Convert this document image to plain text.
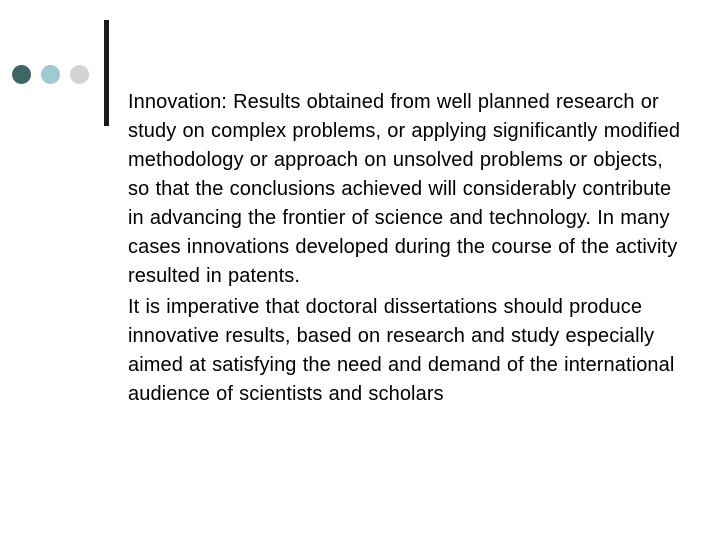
Innovation: Results obtained from well planned research or study on complex problems, or applying significantly modified methodology or approach on unsolved problems or objects, so that the conclusions achieved will considerably contribute in advancing the frontier of science and technology. In many cases innovations developed during the course of the activity resulted in patents.

It is imperative that doctoral dissertations should produce innovative results, based on research and study especially aimed at satisfying the need and demand of the international audience of scientists and scholars
